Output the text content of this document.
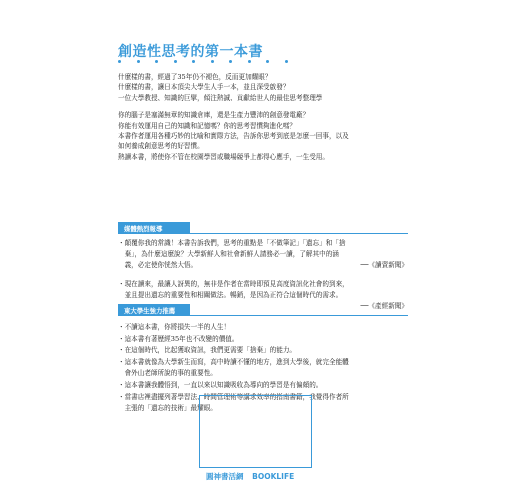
創造性思考的第一本書
什麼樣的書，經過了35年仍不褪色，反而更加耀眼？
什麼樣的書，讓日本頂尖大學生人手一本，並且深受啟發？
一位大學教授、知識的巨擘，傾注熱誠、貢獻給世人的最佳思考整理學
你的腦子是塞滿無章的知識倉庫，還是生產力豐沛的創意發電廠？
你能有效運用自己的知識和記憶嗎？你的思考習慣夠進化嗎？
本書作者運用各種巧妙的比喻和實際方法，告訴你思考到底是怎麼一回事，以及
如何養成創意思考的好習慣。
熱讀本書，將使你不管在校園學習或職場競爭上都得心應手，一生受用。
媒體熱烈報導
・顛覆你我的常識！本書告訴我們，思考的重點是「不做筆記」「遺忘」和「捨
　棄」，為什麼這麼說？大學新鮮人和社會新鮮人請務必一讀，了解其中的涵
　義，必定使你恍然大悟。	──《讀賣新聞》
・現在讀來，最讓人訝異的，無非是作者在當時即預見高度資訊化社會的到來，
　並且提出遺忘的重要性和相關做法。暢銷，是因為正符合這個時代的需求。
──《產經新聞》
東大學生強力推薦
・不讀這本書，你將損失一半的人生！
・這本書有著歷經35年也不改變的價值。
・在這個時代，比起獲取資訊，我們更需要「捨棄」的能力。
・這本書就像為大學新生而寫，高中時讀不懂的地方，進到大學後，就完全能體
　會外山老師所說的事的重要性。
・這本書讓我體悟到，一直以來以知識吸收為導向的學習是有偏頗的。
・當書店裡盡擺列著學習法、時間管理術等講求效率的指南書籍，我覺得作者所
　主張的「遺忘的技術」最耀眼。
圓神書活網 BOOKLIFE
